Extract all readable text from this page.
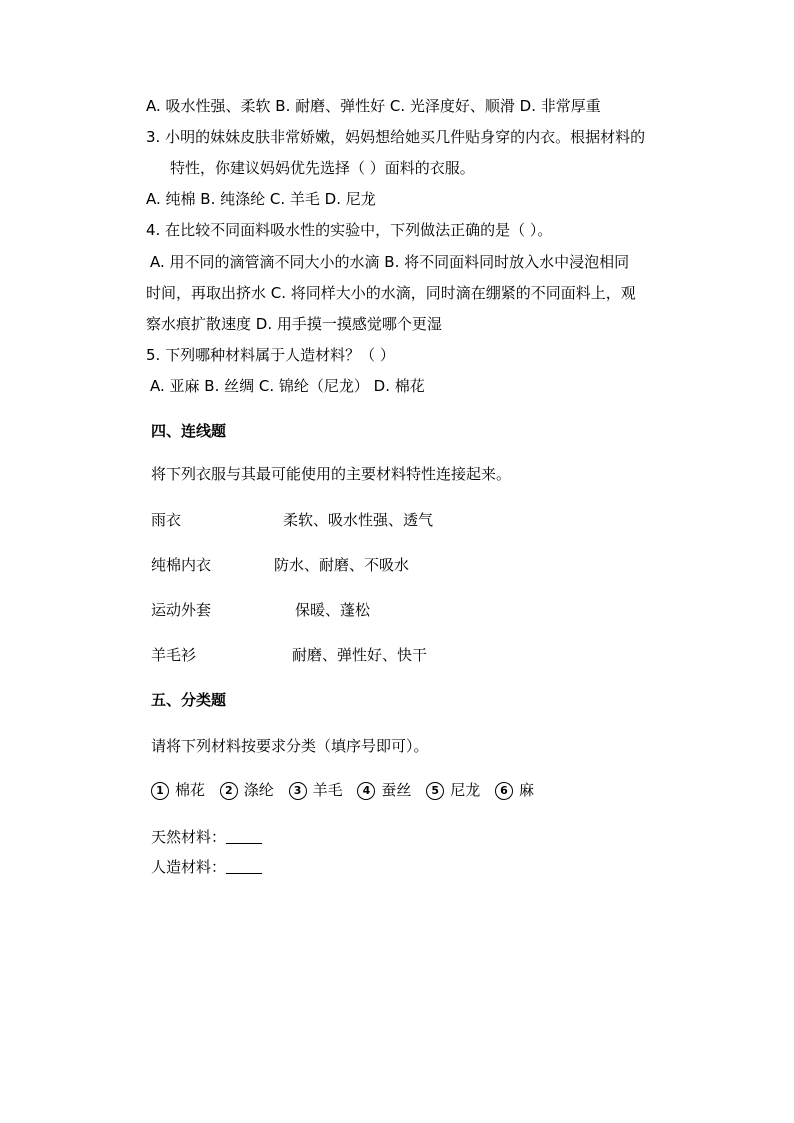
A. 吸水性强、柔软 B. 耐磨、弹性好 C. 光泽度好、顺滑 D. 非常厚重
3. 小明的妹妹皮肤非常娇嫩，妈妈想给她买几件贴身穿的内衣。根据材料的
特性，你建议妈妈优先选择（ ）面料的衣服。
A. 纯棉 B. 纯涤纶 C. 羊毛 D. 尼龙
4. 在比较不同面料吸水性的实验中，下列做法正确的是（ ）。
A. 用不同的滴管滴不同大小的水滴 B. 将不同面料同时放入水中浸泡相同
时间，再取出挤水 C. 将同样大小的水滴，同时滴在绷紧的不同面料上，观
察水痕扩散速度 D. 用手摸一摸感觉哪个更湿
5. 下列哪种材料属于人造材料？（ ）
A. 亚麻 B. 丝绸 C. 锦纶（尼龙） D. 棉花
四、连线题
将下列衣服与其最可能使用的主要材料特性连接起来。
雨衣	柔软、吸水性强、透气
纯棉内衣	防水、耐磨、不吸水
运动外套	保暖、蓬松
羊毛衫	耐磨、弹性好、快干
五、分类题
请将下列材料按要求分类（填序号即可）。
1 棉花 2 涤纶 3 羊毛 4 蚕丝 5 尼龙 6 麻
天然材料：
人造材料：
